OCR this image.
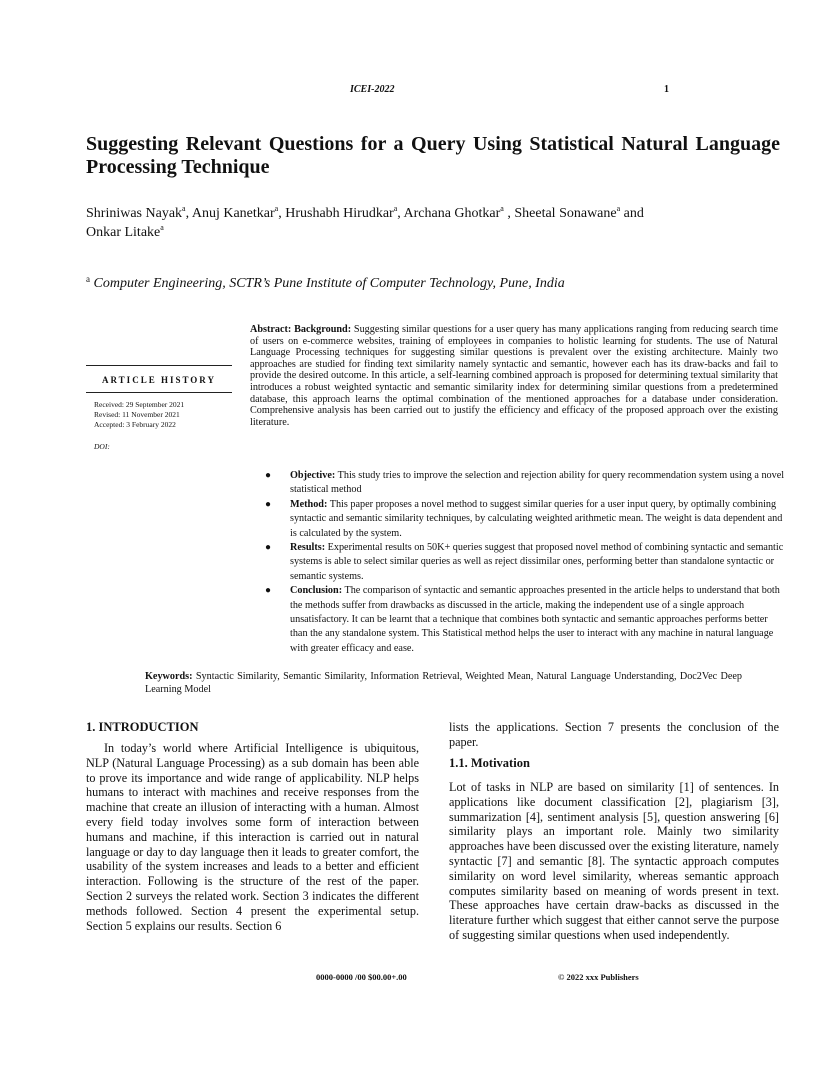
ICEI-2022	1
Suggesting Relevant Questions for a Query Using Statistical Natural Language Processing Technique
Shriniwas Nayak$^a$, Anuj Kanetkar$^a$, Hrushabh Hirudkar$^a$, Archana Ghotkar$^a$ , Sheetal Sonawane$^a$ and
Onkar Litake$^a$
$^a$ Computer Engineering, SCTR’s Pune Institute of Computer Technology, Pune, India
ARTICLE HISTORY
Received: 29 September 2021
Revised: 11 November 2021
Accepted: 3 February 2022
DOI:
Abstract: Background: Suggesting similar questions for a user query has many applications ranging from reducing search time of users on e-commerce websites, training of employees in companies to holistic learning for students. The use of Natural Language Processing techniques for suggesting similar questions is prevalent over the existing architecture. Mainly two approaches are studied for finding text similarity namely syntactic and semantic, however each has its draw-backs and fail to provide the desired outcome. In this article, a self-learning combined approach is proposed for determining textual similarity that introduces a robust weighted syntactic and semantic similarity index for determining similar questions from a predetermined database, this approach learns the optimal combination of the mentioned approaches for a database under consideration. Comprehensive analysis has been carried out to justify the efficiency and efficacy of the proposed approach over the existing literature.
● Objective: This study tries to improve the selection and rejection ability for query recommendation system using a novel statistical method
● Method: This paper proposes a novel method to suggest similar queries for a user input query, by optimally combining syntactic and semantic similarity techniques, by calculating weighted arithmetic mean. The weight is data dependent and is calculated by the system.
● Results: Experimental results on 50K+ queries suggest that proposed novel method of combining syntactic and semantic systems is able to select similar queries as well as reject dissimilar ones, performing better than standalone syntactic or semantic systems.
● Conclusion: The comparison of syntactic and semantic approaches presented in the article helps to understand that both the methods suffer from drawbacks as discussed in the article, making the independent use of a single approach unsatisfactory. It can be learnt that a technique that combines both syntactic and semantic approaches performs better than the any standalone system. This Statistical method helps the user to interact with any machine in natural language with greater efficacy and ease.
Keywords: Syntactic Similarity, Semantic Similarity, Information Retrieval, Weighted Mean, Natural Language Understanding, Doc2Vec Deep Learning Model
1. INTRODUCTION

In today’s world where Artificial Intelligence is ubiquitous, NLP (Natural Language Processing) as a sub domain has been able to prove its importance and wide range of applicability. NLP helps humans to interact with machines and receive responses from the machine that create an illusion of interacting with a human. Almost every field today involves some form of interaction between humans and machine, if this interaction is carried out in natural language or day to day language then it leads to greater comfort, the usability of the system increases and leads to a better and efficient interaction. Following is the structure of the rest of the paper. Section 2 surveys the related work. Section 3 indicates the different methods followed. Section 4 present the experimental setup. Section 5 explains our results. Section 6

lists the applications. Section 7 presents the conclusion of the paper.

1.1. Motivation

Lot of tasks in NLP are based on similarity [1] of sentences. In applications like document classification [2], plagiarism [3], summarization [4], sentiment analysis [5], question answering [6] similarity plays an important role. Mainly two similarity approaches have been discussed over the existing literature, namely syntactic [7] and semantic [8]. The syntactic approach computes similarity on word level similarity, whereas semantic approach computes similarity based on meaning of words present in text. These approaches have certain draw-backs as discussed in the literature further which suggest that either cannot serve the purpose of suggesting similar questions when used independently.

0000-0000 /00 $00.00+.00	© 2022 xxx Publishers
